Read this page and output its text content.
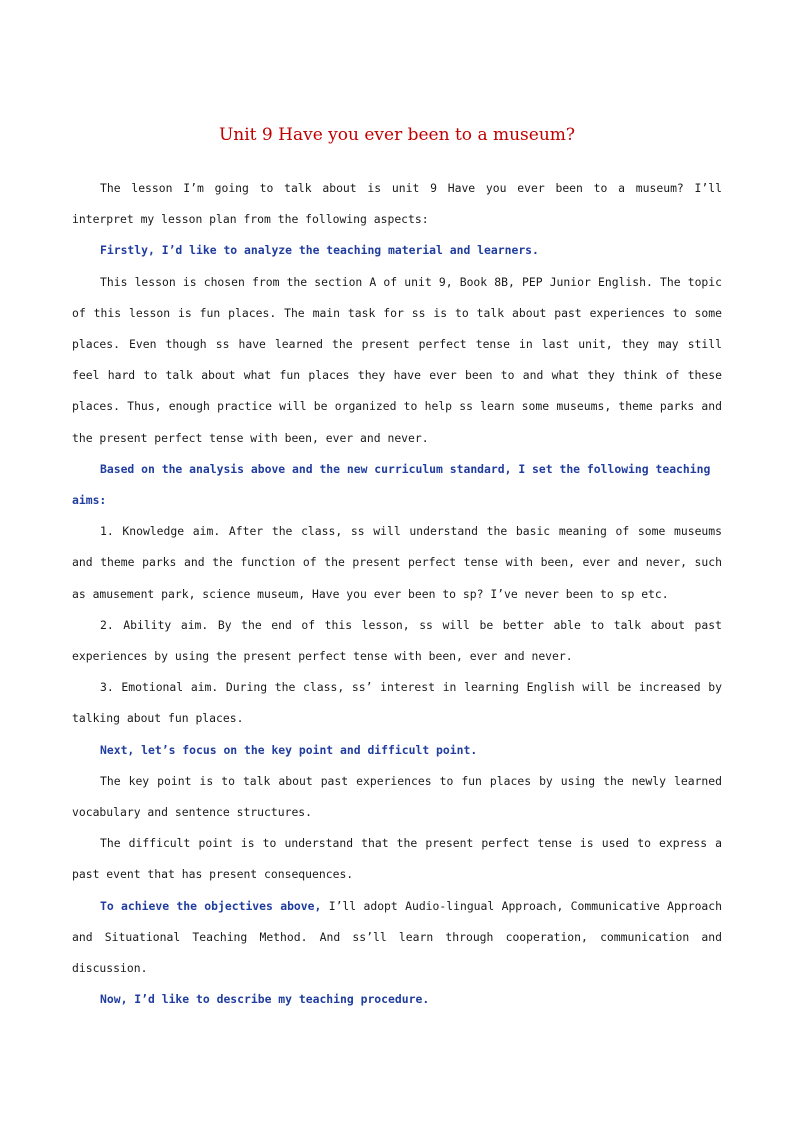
Unit 9 Have you ever been to a museum?

The lesson I’m going to talk about is unit 9 Have you ever been to a museum? I’ll interpret my lesson plan from the following aspects:

Firstly, I’d like to analyze the teaching material and learners.

This lesson is chosen from the section A of unit 9, Book 8B, PEP Junior English. The topic of this lesson is fun places. The main task for ss is to talk about past experiences to some places. Even though ss have learned the present perfect tense in last unit, they may still feel hard to talk about what fun places they have ever been to and what they think of these places. Thus, enough practice will be organized to help ss learn some museums, theme parks and the present perfect tense with been, ever and never.

Based on the analysis above and the new curriculum standard, I set the following teaching aims:

1. Knowledge aim. After the class, ss will understand the basic meaning of some museums and theme parks and the function of the present perfect tense with been, ever and never, such as amusement park, science museum, Have you ever been to sp? I’ve never been to sp etc.

2. Ability aim. By the end of this lesson, ss will be better able to talk about past experiences by using the present perfect tense with been, ever and never.

3. Emotional aim. During the class, ss’ interest in learning English will be increased by talking about fun places.

Next, let’s focus on the key point and difficult point.

The key point is to talk about past experiences to fun places by using the newly learned vocabulary and sentence structures.

The difficult point is to understand that the present perfect tense is used to express a past event that has present consequences.

To achieve the objectives above, I’ll adopt Audio-lingual Approach, Communicative Approach and Situational Teaching Method. And ss’ll learn through cooperation, communication and discussion.

Now, I’d like to describe my teaching procedure.
